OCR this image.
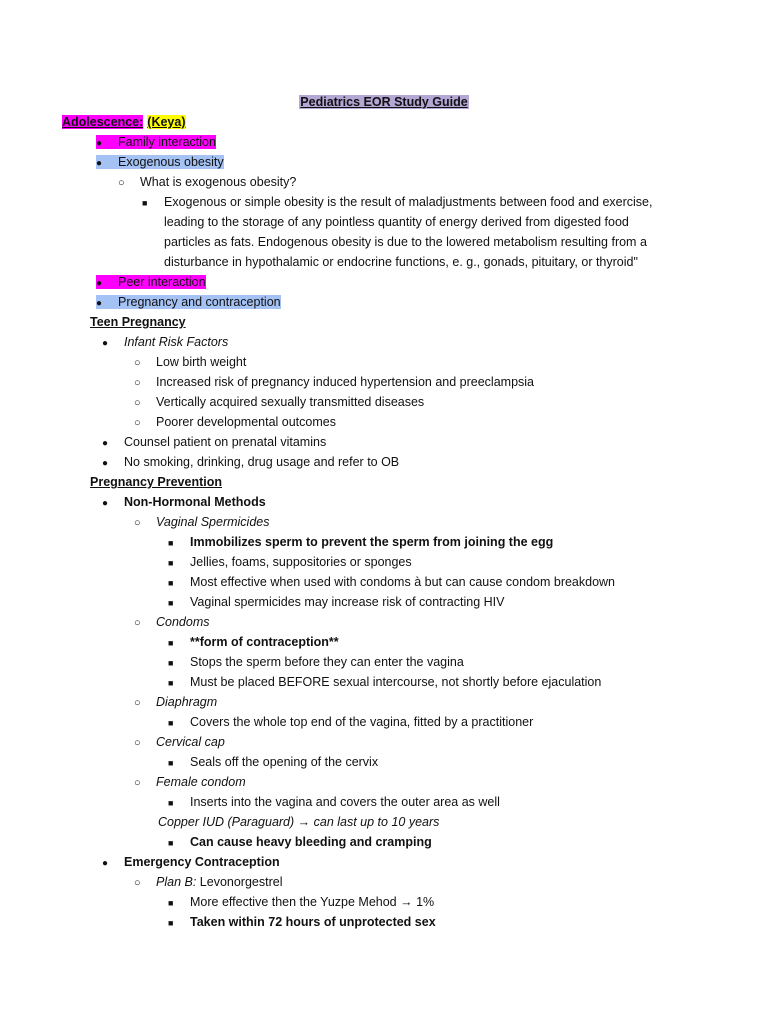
Pediatrics EOR Study Guide
Adolescence: (Keya)
●Family interaction
●Exogenous obesity
○What is exogenous obesity?
■
Exogenous or simple obesity is the result of maladjustments between food and exercise, leading to the storage of any pointless quantity of energy derived from digested food particles as fats. Endogenous obesity is due to the lowered metabolism resulting from a disturbance in hypothalamic or endocrine functions, e. g., gonads, pituitary, or thyroid"
●Peer interaction
●Pregnancy and contraception
Teen Pregnancy
●Infant Risk Factors
○Low birth weight
○Increased risk of pregnancy induced hypertension and preeclampsia
○Vertically acquired sexually transmitted diseases
○Poorer developmental outcomes
●Counsel patient on prenatal vitamins
●No smoking, drinking, drug usage and refer to OB
Pregnancy Prevention
●Non-Hormonal Methods
○Vaginal Spermicides
■Immobilizes sperm to prevent the sperm from joining the egg
■Jellies, foams, suppositories or sponges
■Most effective when used with condoms à but can cause condom breakdown
■Vaginal spermicides may increase risk of contracting HIV
○Condoms
■**form of contraception**
■Stops the sperm before they can enter the vagina
■Must be placed BEFORE sexual intercourse, not shortly before ejaculation
○Diaphragm
■Covers the whole top end of the vagina, fitted by a practitioner
○Cervical cap
■Seals off the opening of the cervix
○Female condom
■Inserts into the vagina and covers the outer area as well
Copper IUD (Paraguard) → can last up to 10 years
■Can cause heavy bleeding and cramping
●Emergency Contraception
○Plan B: Levonorgestrel
■More effective then the Yuzpe Mehod → 1%
■Taken within 72 hours of unprotected sex
